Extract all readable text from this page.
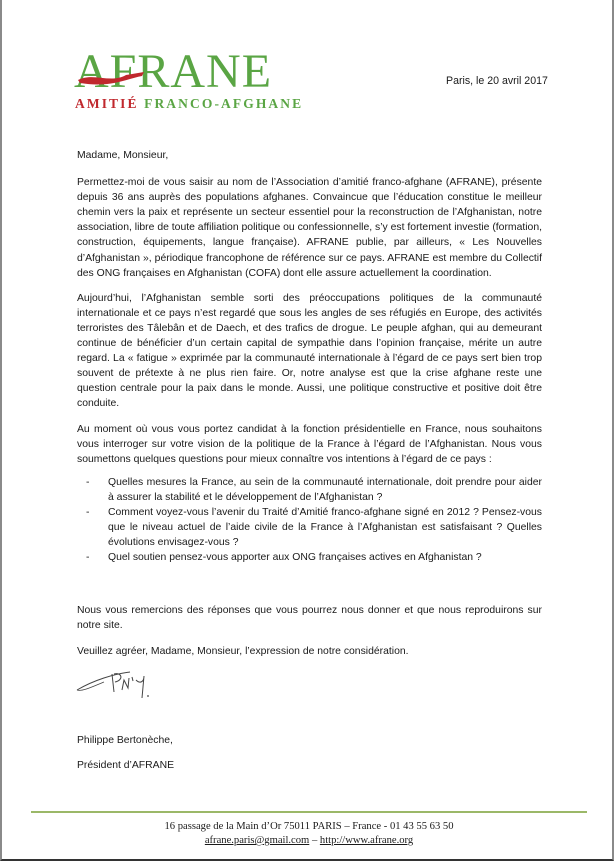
AFRANE
AMITIÉ FRANCO-AFGHANE
Paris, le 20 avril 2017

Madame, Monsieur,

Permettez-moi de vous saisir au nom de l’Association d’amitié franco-afghane (AFRANE), présente depuis 36 ans auprès des populations afghanes. Convaincue que l’éducation constitue le meilleur chemin vers la paix et représente un secteur essentiel pour la reconstruction de l’Afghanistan, notre association, libre de toute affiliation politique ou confessionnelle, s’y est fortement investie (formation, construction, équipements, langue française). AFRANE publie, par ailleurs, « Les Nouvelles d’Afghanistan », périodique francophone de référence sur ce pays. AFRANE est membre du Collectif des ONG françaises en Afghanistan (COFA) dont elle assure actuellement la coordination.

Aujourd’hui, l’Afghanistan semble sorti des préoccupations politiques de la communauté internationale et ce pays n’est regardé que sous les angles de ses réfugiés en Europe, des activités terroristes des Tâlebân et de Daech, et des trafics de drogue. Le peuple afghan, qui au demeurant continue de bénéficier d’un certain capital de sympathie dans l’opinion française, mérite un autre regard. La « fatigue » exprimée par la communauté internationale à l’égard de ce pays sert bien trop souvent de prétexte à ne plus rien faire. Or, notre analyse est que la crise afghane reste une question centrale pour la paix dans le monde. Aussi, une politique constructive et positive doit être conduite.

Au moment où vous vous portez candidat à la fonction présidentielle en France, nous souhaitons vous interroger sur votre vision de la politique de la France à l’égard de l’Afghanistan. Nous vous soumettons quelques questions pour mieux connaître vos intentions à l’égard de ce pays :

- Quelles mesures la France, au sein de la communauté internationale, doit prendre pour aider à assurer la stabilité et le développement de l’Afghanistan ?
- Comment voyez-vous l’avenir du Traité d’Amitié franco-afghane signé en 2012 ? Pensez-vous que le niveau actuel de l’aide civile de la France à l’Afghanistan est satisfaisant ? Quelles évolutions envisagez-vous ?
- Quel soutien pensez-vous apporter aux ONG françaises actives en Afghanistan ?

Nous vous remercions des réponses que vous pourrez nous donner et que nous reproduirons sur notre site.

Veuillez agréer, Madame, Monsieur, l’expression de notre considération.

Philippe Bertonèche,
Président d’AFRANE
16 passage de la Main d’Or 75011 PARIS – France - 01 43 55 63 50
afrane.paris@gmail.com – http://www.afrane.org
